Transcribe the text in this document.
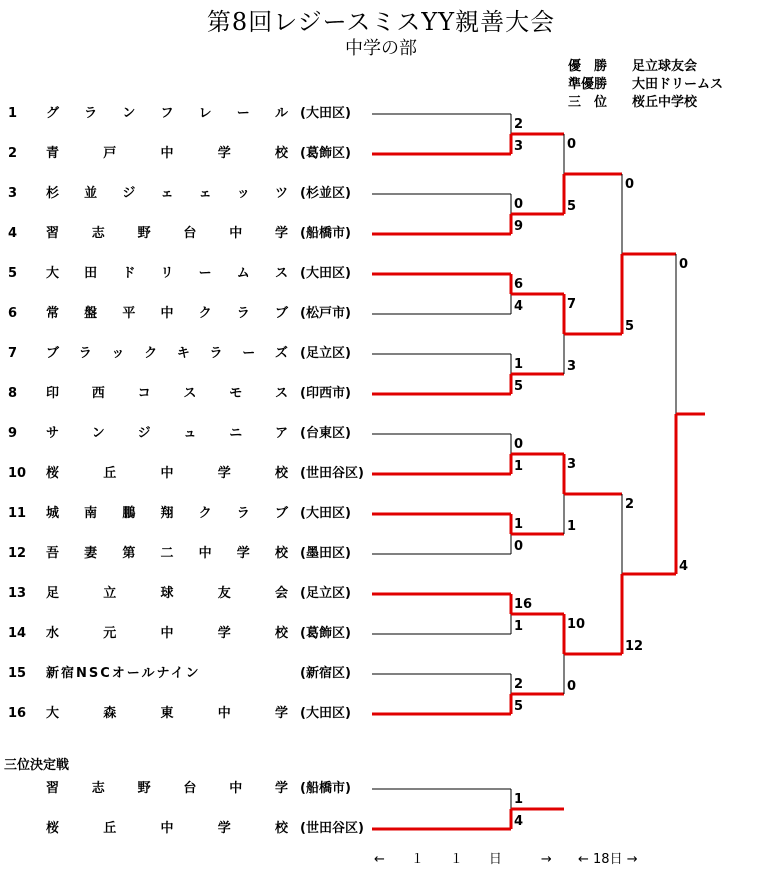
第8回レジースミスYY親善大会
中学の部
優　勝 足立球友会
準優勝 大田ドリームス
三　位 桜丘中学校
1	グ ラ ン フ レ ー ル (大田区)
2	青	戸	中	学	校 (葛飾区)
3	杉 並 ジ ェ ェ ッ ツ (杉並区)
4	習	志	野	台	中	学 (船橋市)
5	大 田 ド リ ー ム ス (大田区)
6	常 盤 平 中 ク ラ ブ (松戸市)
7	ブ ラ ッ ク キ ラ ー ズ (足立区)
8	印	西	コ	ス	モ	ス (印西市)
9	サ	ン	ジ	ュ	ニ	ア (台東区)
10	桜	丘	中	学	校 (世田谷区)
11	城 南 鵬 翔 ク ラ ブ (大田区)
12	吾 妻 第 二 中 学 校 (墨田区)
13	足	立	球	友	会 (足立区)
14	水	元	中	学	校 (葛飾区)
15	新宿NSCオールナイン	(新宿区)
16	大	森	東	中	学 (大田区)
三位決定戦
習	志	野	台	中	学 (船橋市)
桜	丘	中	学	校 (世田谷区)
2
3
0
9
6
4
1
5
0
1
1
0
16
1
2
5
0
5
7
3
3
1
10
0
0
5
2
12
0
4
1
4
←　　１　　１　　日　　　→ ← 18日 →
